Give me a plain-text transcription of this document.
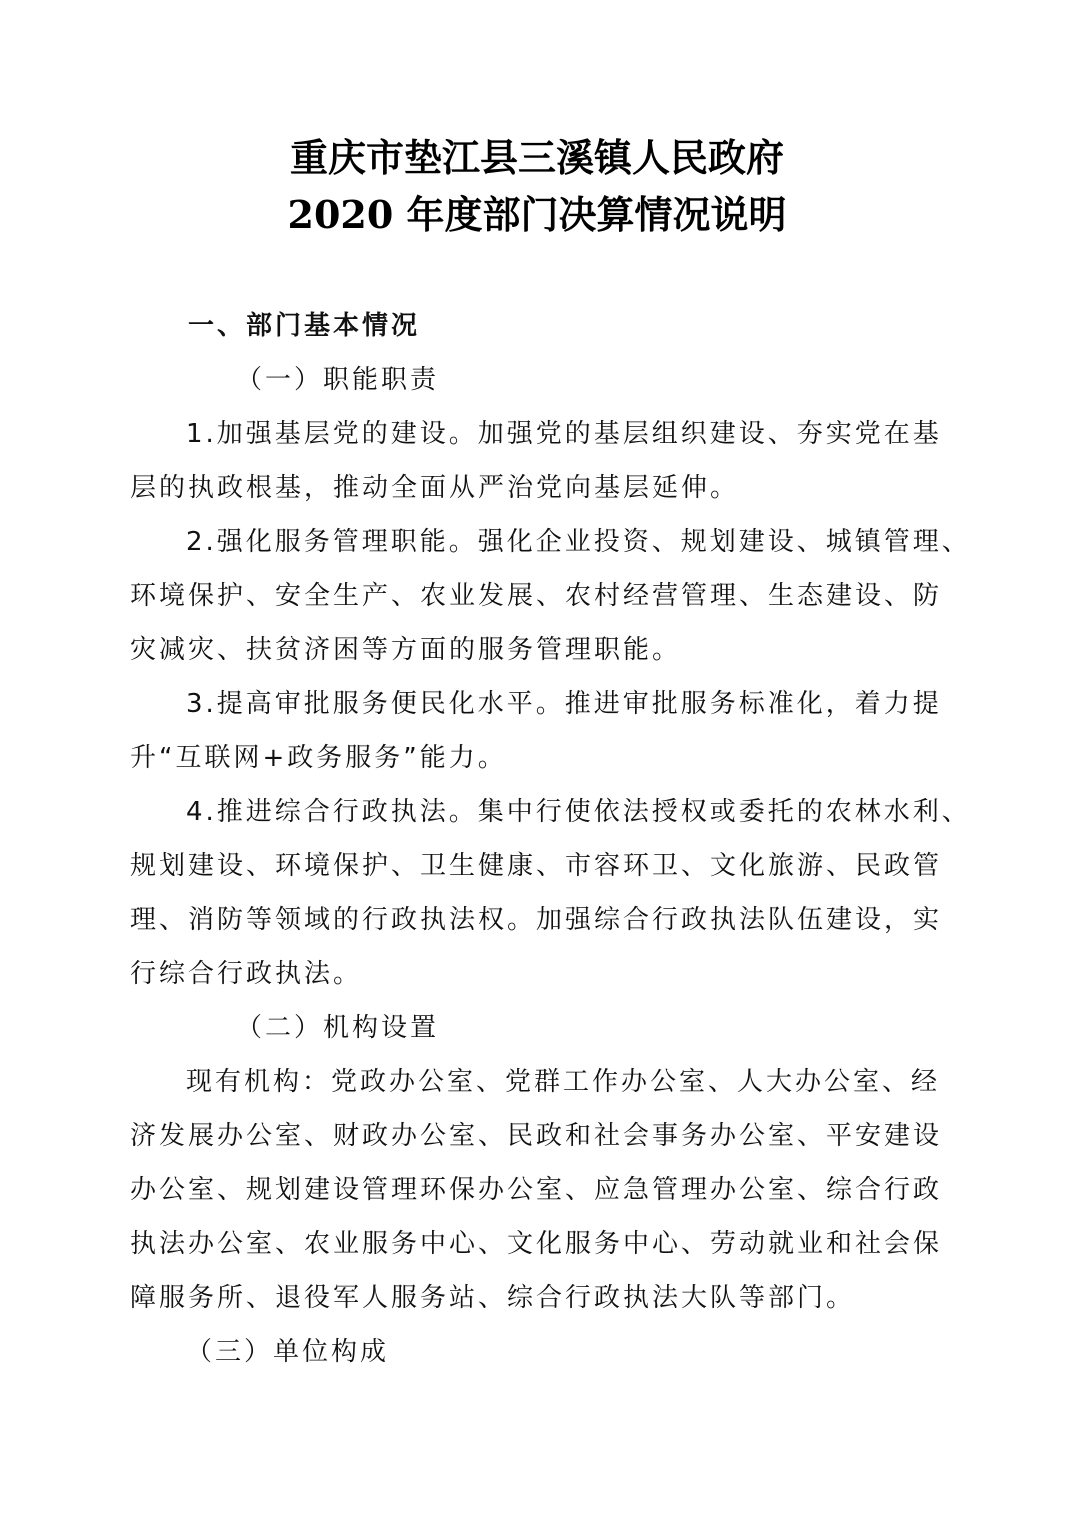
重庆市垫江县三溪镇人民政府
2020 年度部门决算情况说明
一、部门基本情况
（一）职能职责
1.加强基层党的建设。加强党的基层组织建设、夯实党在基
层的执政根基，推动全面从严治党向基层延伸。
2.强化服务管理职能。强化企业投资、规划建设、城镇管理、
环境保护、安全生产、农业发展、农村经营管理、生态建设、防
灾减灾、扶贫济困等方面的服务管理职能。
3.提高审批服务便民化水平。推进审批服务标准化，着力提
升“互联网+政务服务”能力。
4.推进综合行政执法。集中行使依法授权或委托的农林水利、
规划建设、环境保护、卫生健康、市容环卫、文化旅游、民政管
理、消防等领域的行政执法权。加强综合行政执法队伍建设，实
行综合行政执法。
（二）机构设置
现有机构：党政办公室、党群工作办公室、人大办公室、经
济发展办公室、财政办公室、民政和社会事务办公室、平安建设
办公室、规划建设管理环保办公室、应急管理办公室、综合行政
执法办公室、农业服务中心、文化服务中心、劳动就业和社会保
障服务所、退役军人服务站、综合行政执法大队等部门。
（三）单位构成
